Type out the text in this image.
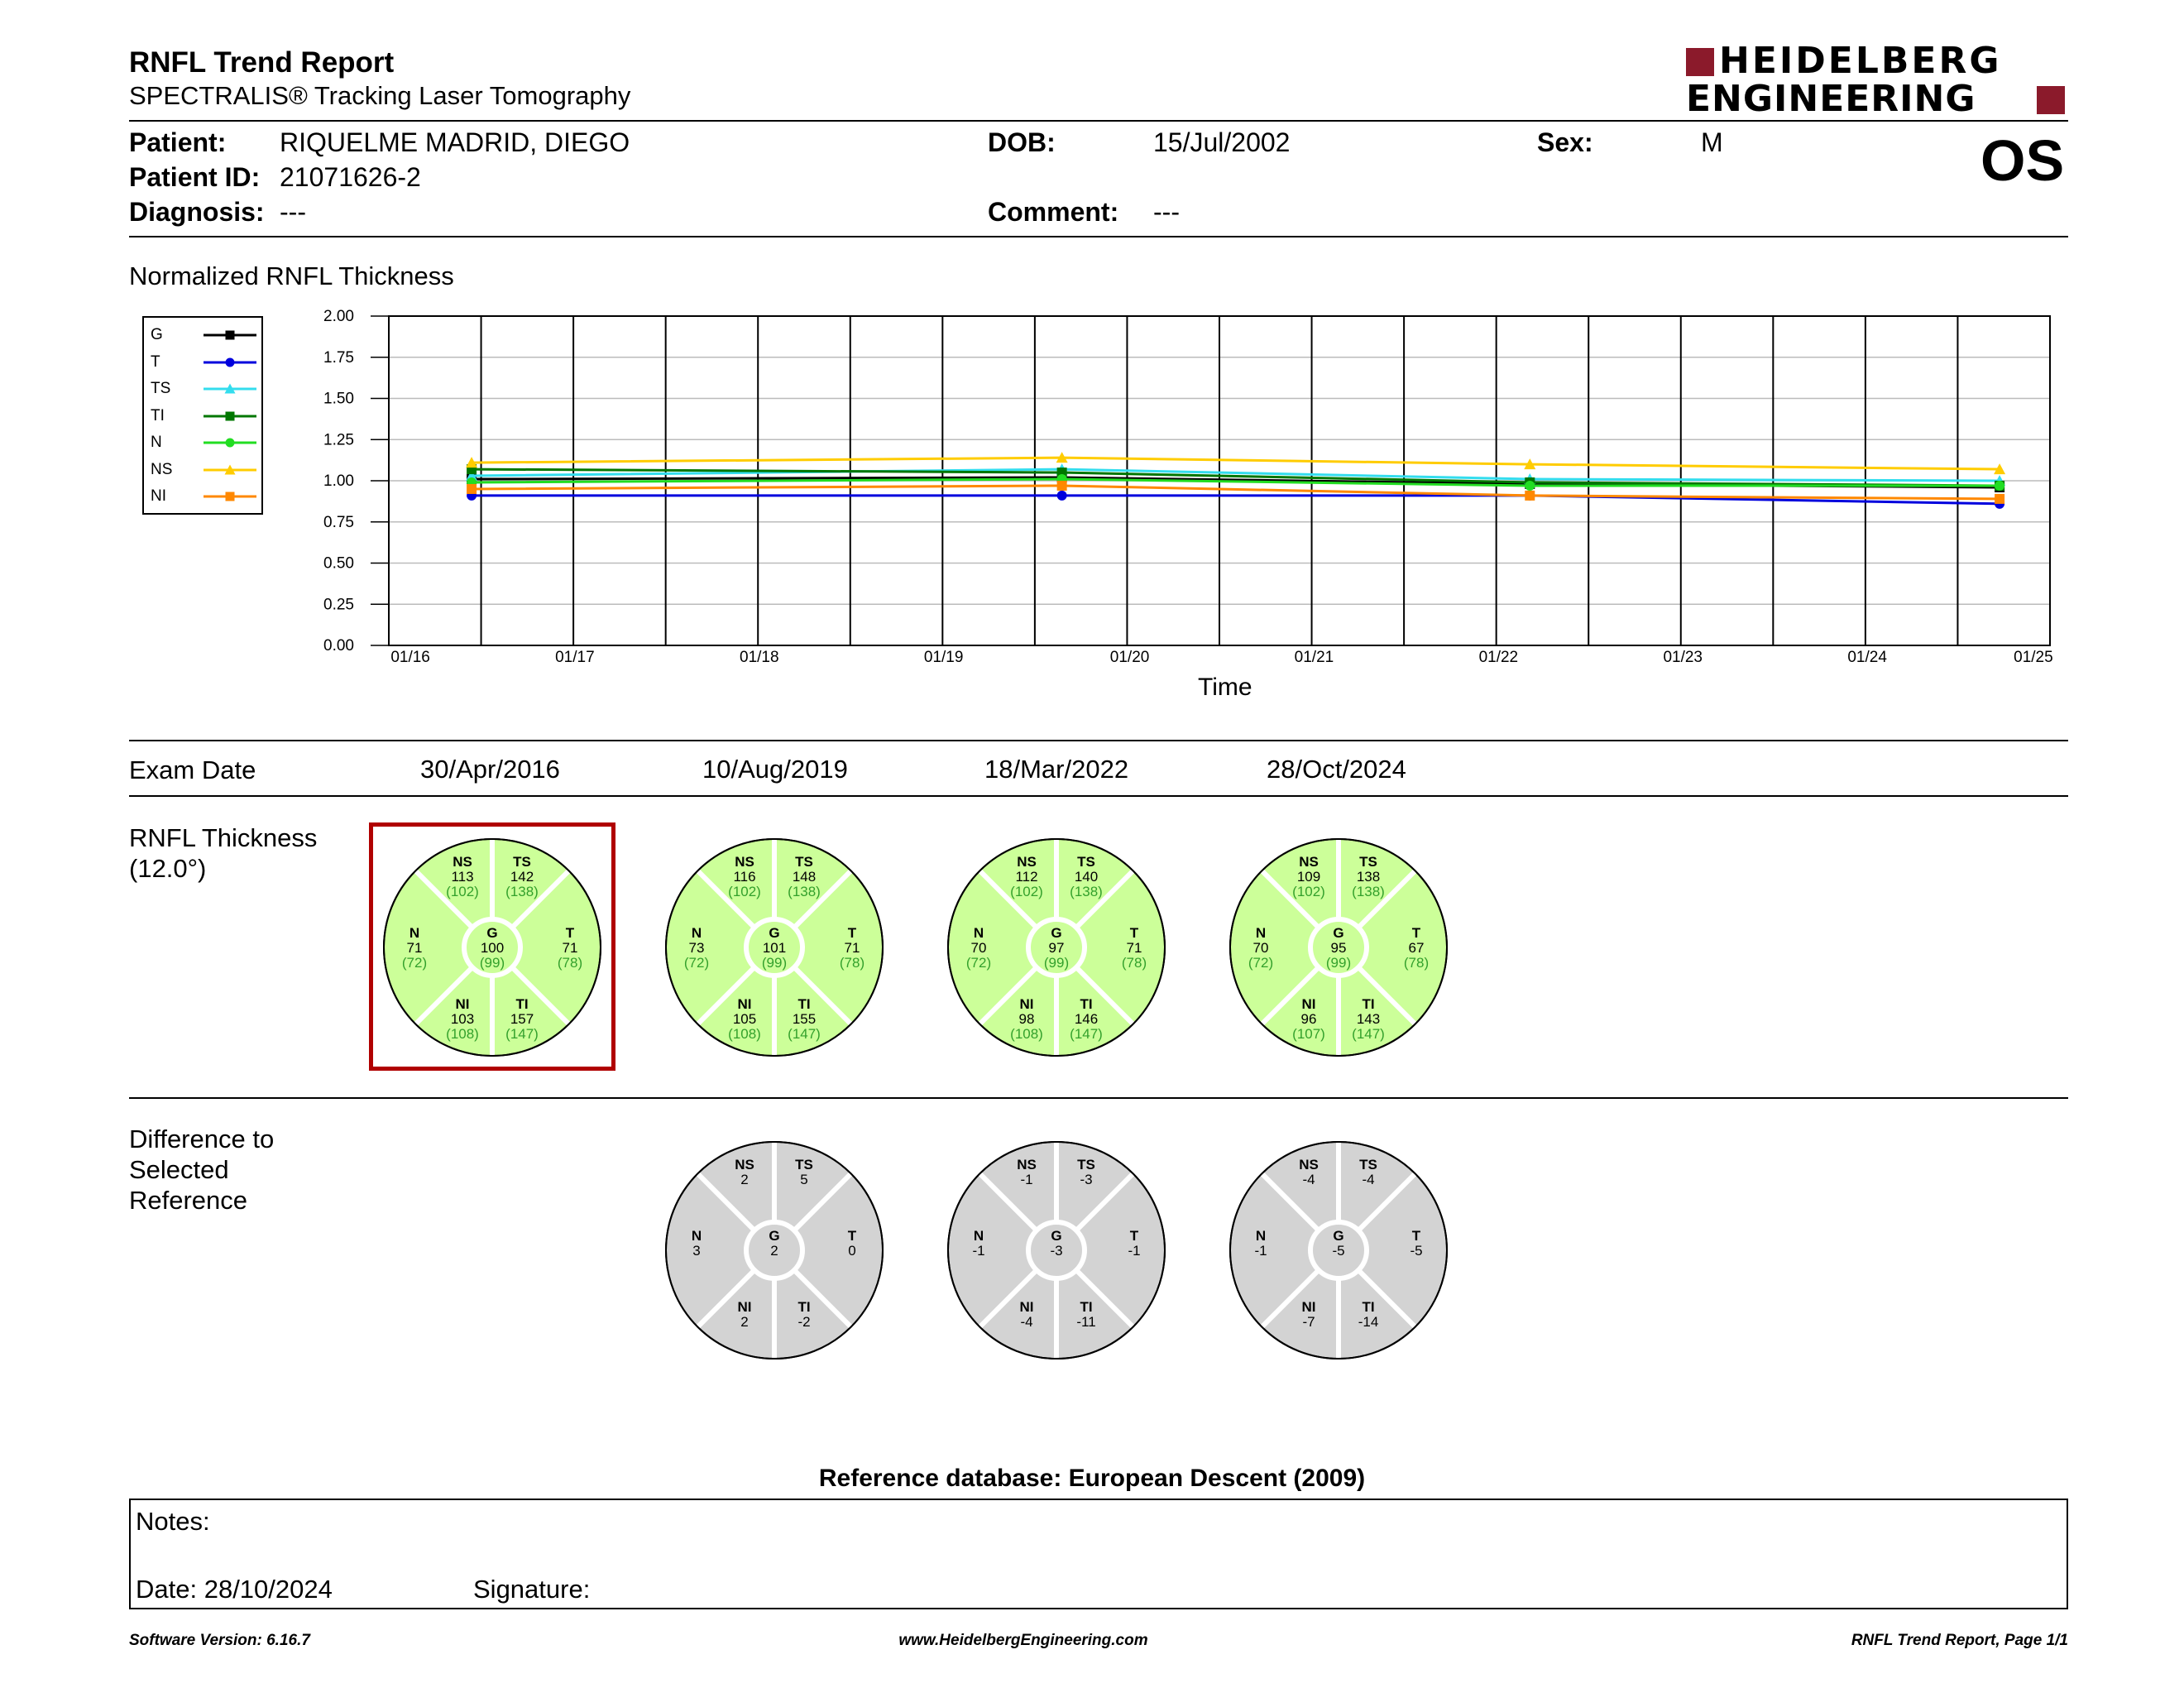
RNFL Trend Report
SPECTRALIS® Tracking Laser Tomography
HEIDELBERG
ENGINEERING
Patient: RIQUELME MADRID, DIEGO
Patient ID: 21071626-2
Diagnosis: ---
DOB:	15/Jul/2002
Comment: ---
Sex:	M	OS
Normalized RNFL Thickness
G
T
TS
TI
N
NS
NI
0.00
0.25
0.50
0.75
1.00
1.25
1.50
1.75
2.00
01/16	01/17	01/18	01/19	01/20	01/21	01/22	01/23	01/24	01/25
Time
Exam Date	30/Apr/2016	10/Aug/2019	18/Mar/2022	28/Oct/2024
RNFL Thickness
(12.0°)	NS
113
(102)
TS
142
(138)
N
71
(72)
G
100
(99)
T
71
(78)
NI
103
(108)
TI
157
(147)
NS
116
(102)
TS
148
(138)
N
73
(72)
G
101
(99)
T
71
(78)
NI
105
(108)
TI
155
(147)
NS
112
(102)
TS
140
(138)
N
70
(72)
G
97
(99)
T
71
(78)
NI
98
(108)
TI
146
(147)
NS
109
(102)
TS
138
(138)
N
70
(72)
G
95
(99)
T
67
(78)
NI
96
(107)
TI
143
(147)
Difference to
Selected
Reference
NS
2
TS
5
N
3
G
2
T
0
NI
2
TI
-2
NS
-1
TS
-3
N
-1
G
-3
T
-1
NI
-4
TI
-11
NS
-4
TS
-4
N
-1
G
-5
T
-5
NI
-7
TI
-14
Reference database: European Descent (2009)
Notes:
Date: 28/10/2024	Signature:
Software Version: 6.16.7	www.HeidelbergEngineering.com	RNFL Trend Report, Page 1/1
